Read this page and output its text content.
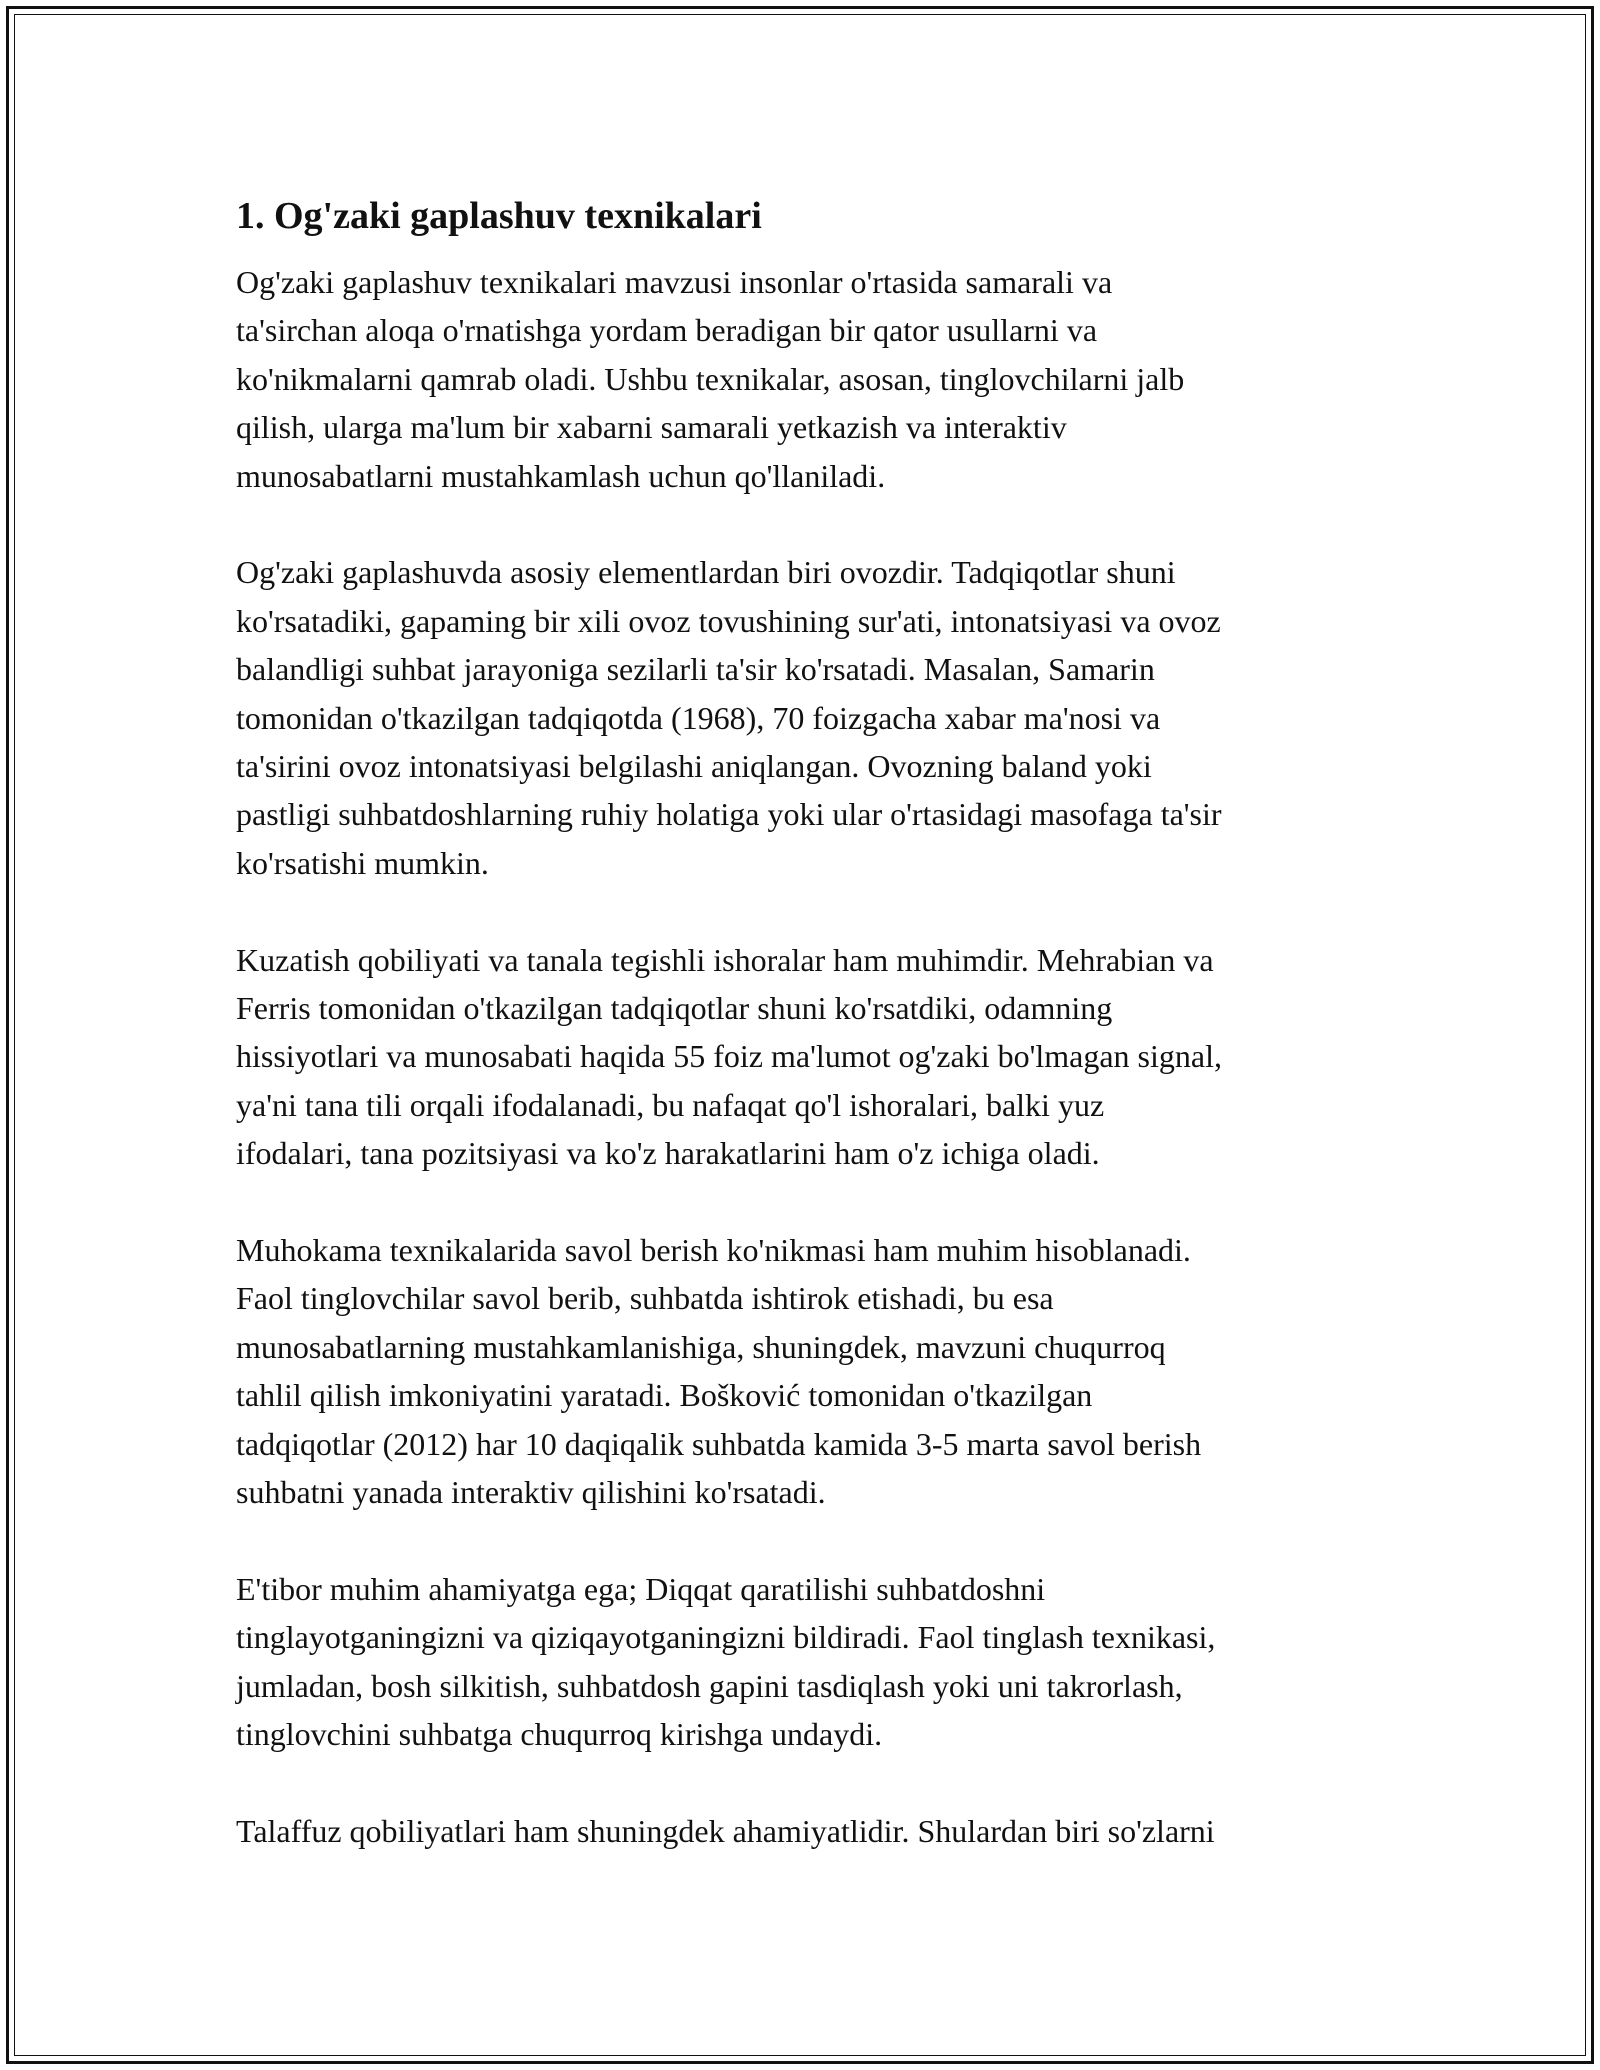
1. Og'zaki gaplashuv texnikalari

Og'zaki gaplashuv texnikalari mavzusi insonlar o'rtasida samarali va
ta'sirchan aloqa o'rnatishga yordam beradigan bir qator usullarni va
ko'nikmalarni qamrab oladi. Ushbu texnikalar, asosan, tinglovchilarni jalb
qilish, ularga ma'lum bir xabarni samarali yetkazish va interaktiv
munosabatlarni mustahkamlash uchun qo'llaniladi.

Og'zaki gaplashuvda asosiy elementlardan biri ovozdir. Tadqiqotlar shuni
ko'rsatadiki, gapaming bir xili ovoz tovushining sur'ati, intonatsiyasi va ovoz
balandligi suhbat jarayoniga sezilarli ta'sir ko'rsatadi. Masalan, Samarin
tomonidan o'tkazilgan tadqiqotda (1968), 70 foizgacha xabar ma'nosi va
ta'sirini ovoz intonatsiyasi belgilashi aniqlangan. Ovozning baland yoki
pastligi suhbatdoshlarning ruhiy holatiga yoki ular o'rtasidagi masofaga ta'sir
ko'rsatishi mumkin.

Kuzatish qobiliyati va tanala tegishli ishoralar ham muhimdir. Mehrabian va
Ferris tomonidan o'tkazilgan tadqiqotlar shuni ko'rsatdiki, odamning
hissiyotlari va munosabati haqida 55 foiz ma'lumot og'zaki bo'lmagan signal,
ya'ni tana tili orqali ifodalanadi, bu nafaqat qo'l ishoralari, balki yuz
ifodalari, tana pozitsiyasi va ko'z harakatlarini ham o'z ichiga oladi.

Muhokama texnikalarida savol berish ko'nikmasi ham muhim hisoblanadi.
Faol tinglovchilar savol berib, suhbatda ishtirok etishadi, bu esa
munosabatlarning mustahkamlanishiga, shuningdek, mavzuni chuqurroq
tahlil qilish imkoniyatini yaratadi. Bošković tomonidan o'tkazilgan
tadqiqotlar (2012) har 10 daqiqalik suhbatda kamida 3-5 marta savol berish
suhbatni yanada interaktiv qilishini ko'rsatadi.

E'tibor muhim ahamiyatga ega; Diqqat qaratilishi suhbatdoshni
tinglayotganingizni va qiziqayotganingizni bildiradi. Faol tinglash texnikasi,
jumladan, bosh silkitish, suhbatdosh gapini tasdiqlash yoki uni takrorlash,
tinglovchini suhbatga chuqurroq kirishga undaydi.

Talaffuz qobiliyatlari ham shuningdek ahamiyatlidir. Shulardan biri so'zlarni
